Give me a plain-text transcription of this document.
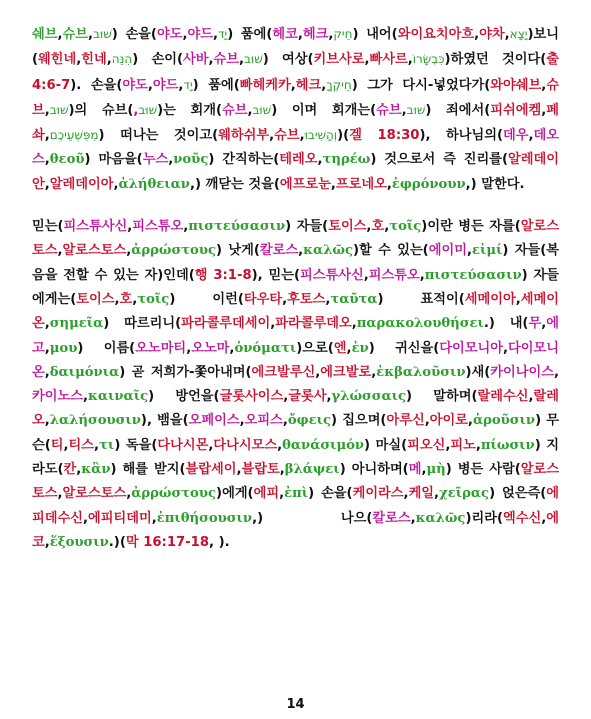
쉐브,슈브,שׁוּב) 손을(야도,야드,יָד) 품에(헤코,헤크,חֵיק) 내어(와이요치아흐,야차,יָצָא)보니(웨힌네,힌네,הִנֵּה) 손이(사바,슈브,שׁוּב) 여상(키브사로,빠사르,כִּבְשָׂרוֹ)하였던 것이다(출 4:6-7). 손을(야도,야드,יָד) 품에(빠헤케카,헤크,חֵיקֶךָ) 그가 다시-넣었다가(와야쉐브,슈브,שׁוּב)의 슈브(,שׁוּב)는 회개(슈브,שׁוּב) 이며 회개는(슈브,שׁוּב) 죄에서(피쉬에켐,페솨,מִפִּשְׁעֵיכֶם) 떠나는 것이고(웨하쉬부,슈브,וְהָשִׁיבוּ)(겔 18:30), 하나님의(데우,데오스,θεοῦ) 마음을(누스,νοῦς) 간직하는(테레오,τηρέω) 것으로서 즉 진리를(알레데이안,알레데이아,ἀλήθειαν,) 깨닫는 것을(에프로눈,프로네오,ἐφρόνουν,) 말한다.
믿는(피스튜사신,피스튜오,πιστεύσασιν) 자들(토이스,호,τοῖς)이란 병든 자를(알로스토스,알로스토스,ἀρρώστους) 낫게(칼로스,καλῶς)할 수 있는(에이미,εἰμί) 자들(복음을 전할 수 있는 자)인데(행 3:1-8), 믿는(피스튜사신,피스튜오,πιστεύσασιν) 자들에게는(토이스,호,τοῖς) 이런(타우타,후토스,ταῦτα) 표적이(세메이아,세메이온,σημεῖα) 따르리니(파라콜루데세이,파라콜루데오,παρακολουθήσει.) 내(무,에고,μου) 이름(오노마티,오노마,ὀνόματι)으로(엔,ἐν) 귀신을(다이모니아,다이모니온,δαιμόνια) 곧 저희가-쫓아내며(에크발루신,에크발로,ἐκβαλοῦσιν)새(카이나이스,카이노스,καιναῖς) 방언을(글롯사이스,글롯사,γλώσσαις) 말하며(랄레수신,랄레오,λαλήσουσιν), 뱀을(오페이스,오피스,ὄφεις) 집으며(아루신,아이로,ἀροῦσιν) 무슨(티,티스,τι) 독을(다나시몬,다나시모스,θανάσιμόν) 마실(피오신,피노,πίωσιν) 지라도(칸,κἂν) 해를 받지(블랍세이,블랍토,βλάψει) 아니하며(메,μὴ) 병든 사람(알로스토스,알로스토스,ἀρρώστους)에게(에피,ἐπὶ) 손을(케이라스,케일,χεῖρας) 얹은즉(에피데수신,에피티데미,ἐπιθήσουσιν,) 나으(칼로스,καλῶς)리라(엑수신,에코,ἕξουσιν.)(막 16:17-18, ).
14
